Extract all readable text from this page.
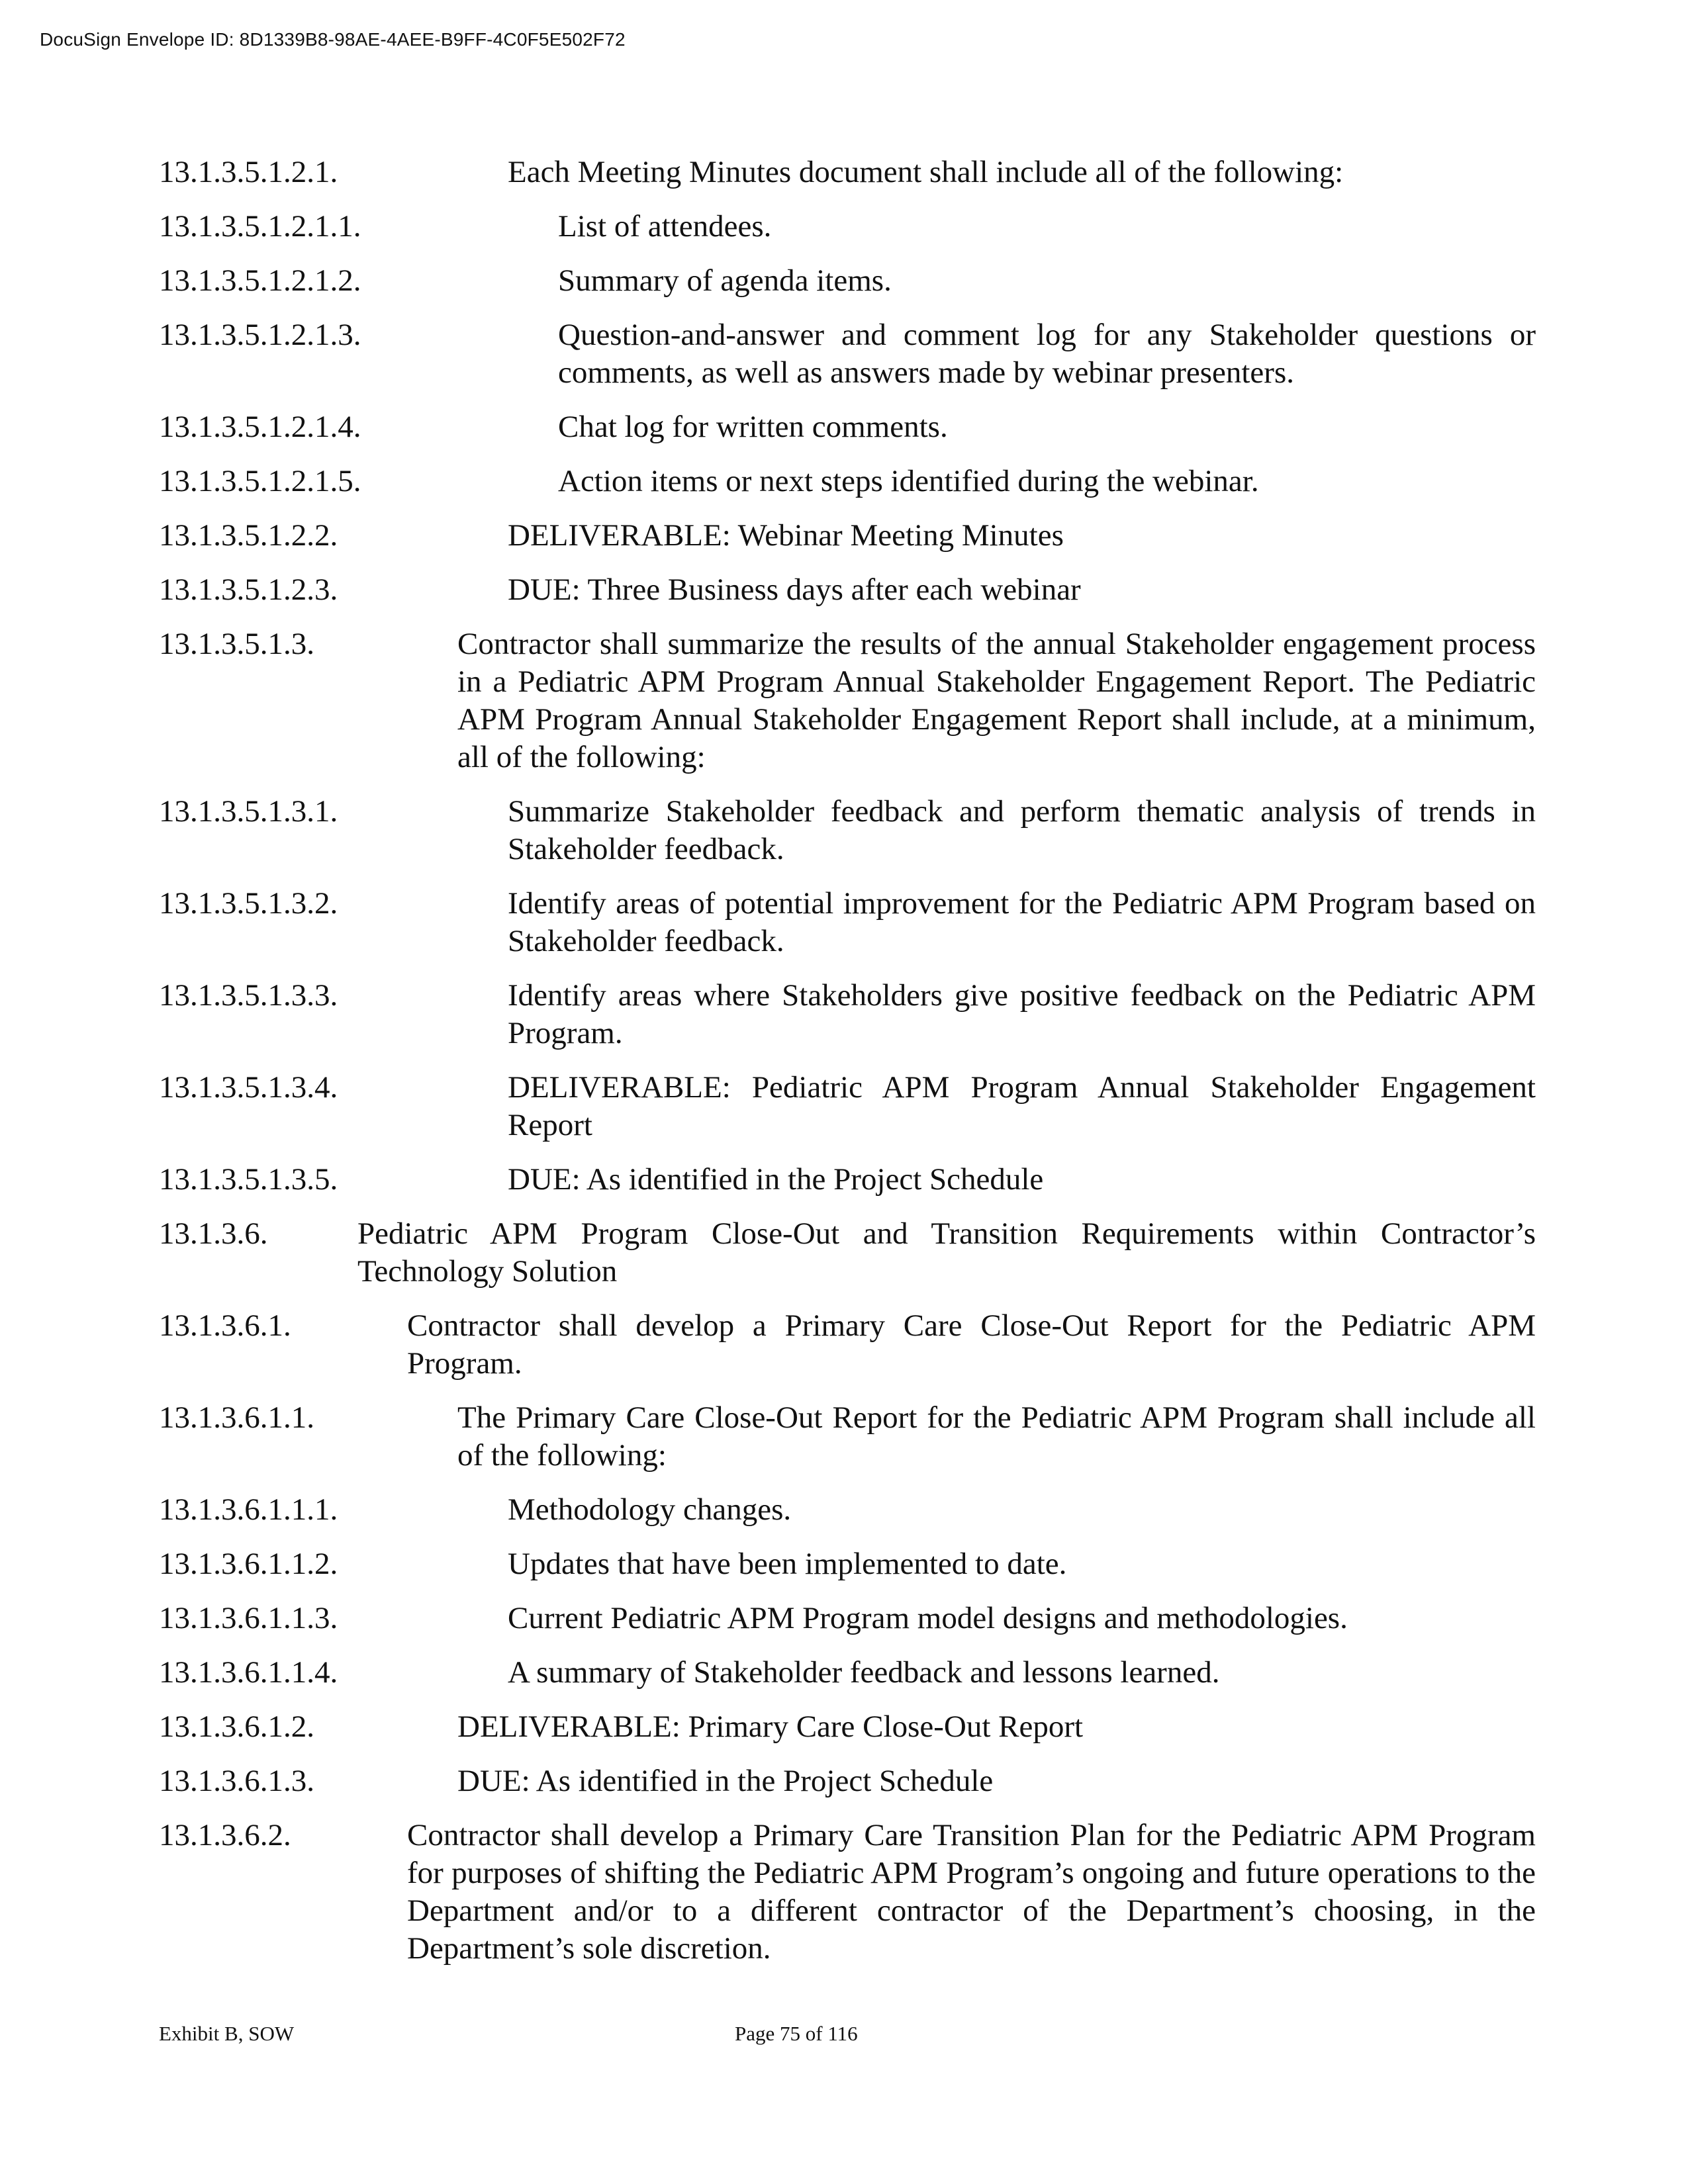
DocuSign Envelope ID: 8D1339B8-98AE-4AEE-B9FF-4C0F5E502F72
13.1.3.5.1.2.1.	Each Meeting Minutes document shall include all of the following:
13.1.3.5.1.2.1.1.	List of attendees.
13.1.3.5.1.2.1.2.	Summary of agenda items.
13.1.3.5.1.2.1.3.	Question-and-answer and comment log for any Stakeholder questions or comments, as well as answers made by webinar presenters.
13.1.3.5.1.2.1.4.	Chat log for written comments.
13.1.3.5.1.2.1.5.	Action items or next steps identified during the webinar.
13.1.3.5.1.2.2.	DELIVERABLE: Webinar Meeting Minutes
13.1.3.5.1.2.3.	DUE: Three Business days after each webinar
13.1.3.5.1.3.	Contractor shall summarize the results of the annual Stakeholder engagement process in a Pediatric APM Program Annual Stakeholder Engagement Report. The Pediatric APM Program Annual Stakeholder Engagement Report shall include, at a minimum, all of the following:
13.1.3.5.1.3.1.	Summarize Stakeholder feedback and perform thematic analysis of trends in Stakeholder feedback.
13.1.3.5.1.3.2.	Identify areas of potential improvement for the Pediatric APM Program based on Stakeholder feedback.
13.1.3.5.1.3.3.	Identify areas where Stakeholders give positive feedback on the Pediatric APM Program.
13.1.3.5.1.3.4.	DELIVERABLE: Pediatric APM Program Annual Stakeholder Engagement Report
13.1.3.5.1.3.5.	DUE: As identified in the Project Schedule
13.1.3.6.	Pediatric APM Program Close-Out and Transition Requirements within Contractor’s Technology Solution
13.1.3.6.1.	Contractor shall develop a Primary Care Close-Out Report for the Pediatric APM Program.
13.1.3.6.1.1.	The Primary Care Close-Out Report for the Pediatric APM Program shall include all of the following:
13.1.3.6.1.1.1.	Methodology changes.
13.1.3.6.1.1.2.	Updates that have been implemented to date.
13.1.3.6.1.1.3.	Current Pediatric APM Program model designs and methodologies.
13.1.3.6.1.1.4.	A summary of Stakeholder feedback and lessons learned.
13.1.3.6.1.2.	DELIVERABLE: Primary Care Close-Out Report
13.1.3.6.1.3.	DUE: As identified in the Project Schedule
13.1.3.6.2.	Contractor shall develop a Primary Care Transition Plan for the Pediatric APM Program for purposes of shifting the Pediatric APM Program’s ongoing and future operations to the Department and/or to a different contractor of the Department’s choosing, in the Department’s sole discretion.
Exhibit B, SOW	Page 75 of 116
